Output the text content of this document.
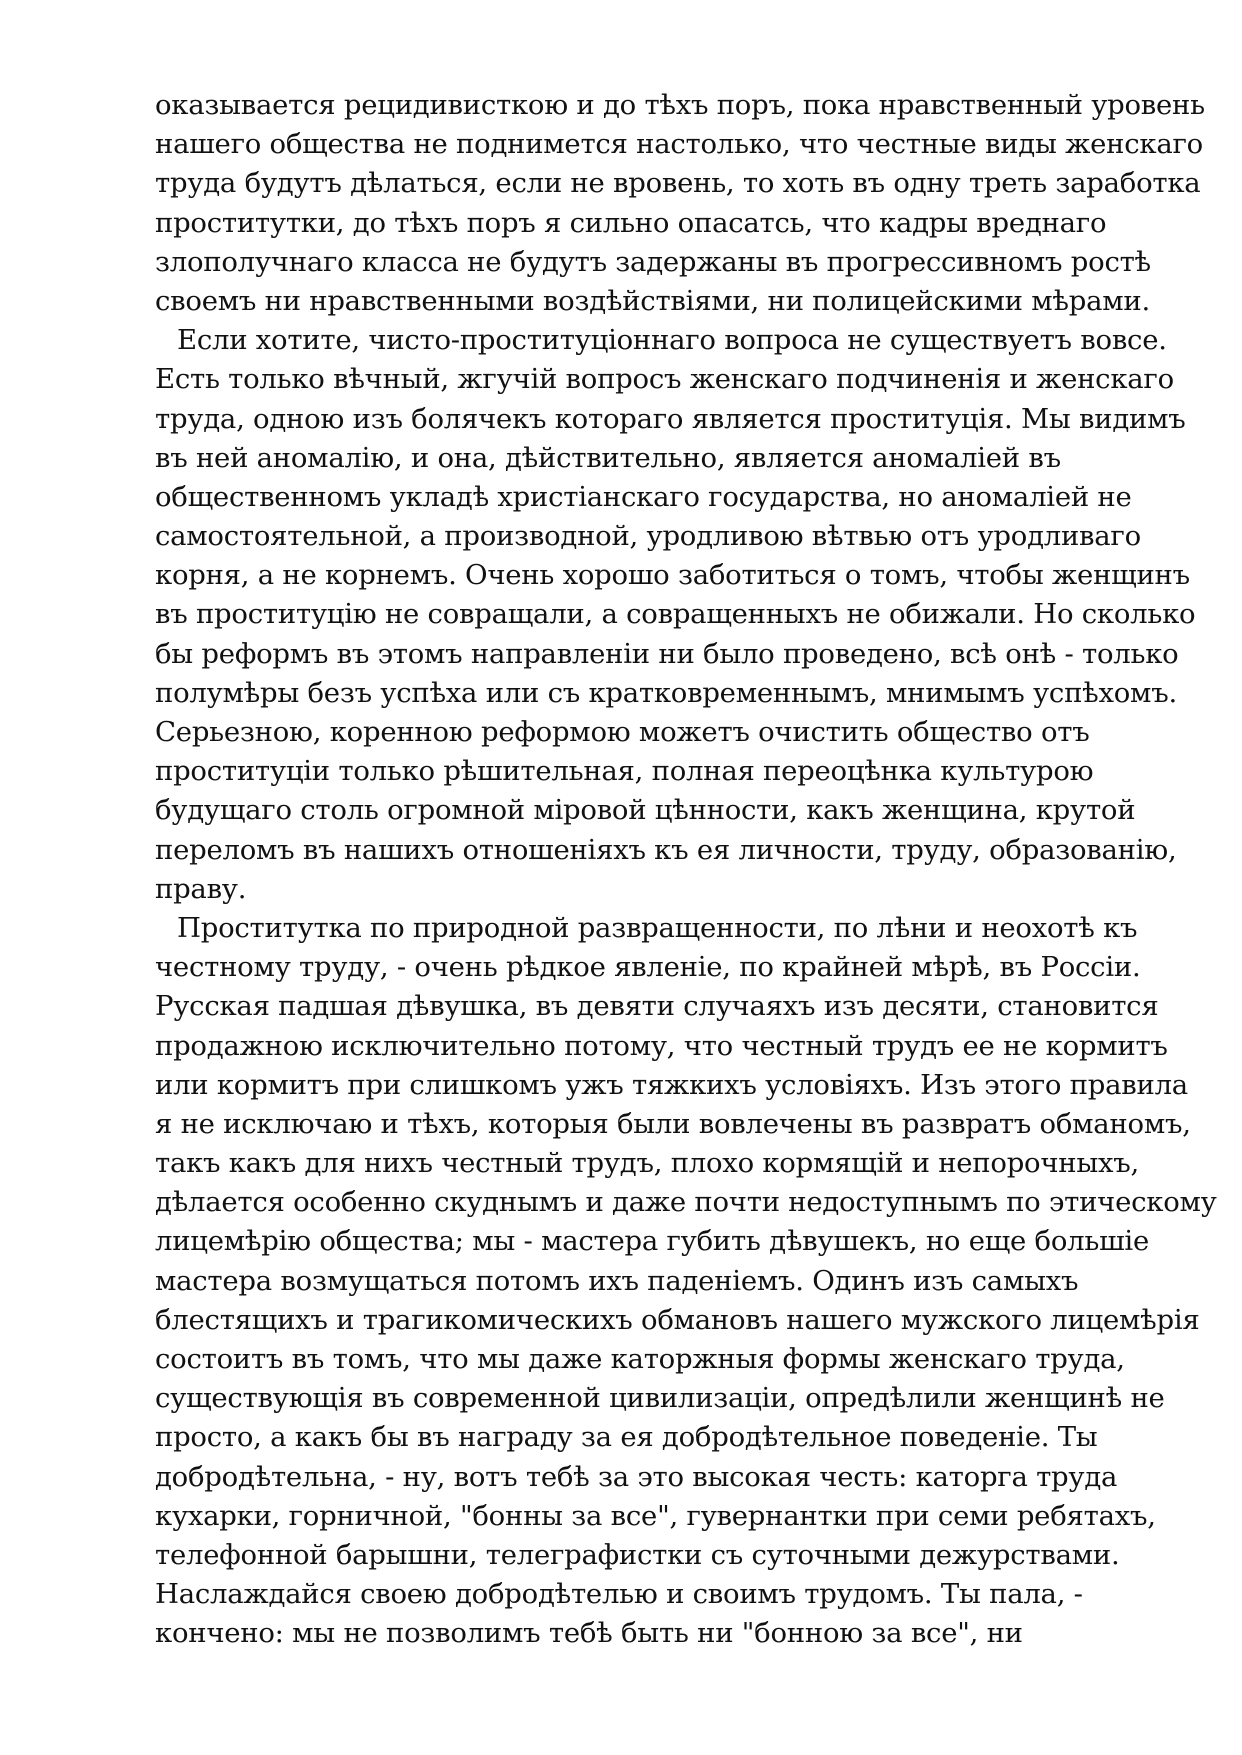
оказывается рецидивисткою и до тѣхъ поръ, пока нравственный уровень
нашего общества не поднимется настолько, что честные виды женскаго
труда будутъ дѣлаться, если не вровень, то хоть въ одну треть заработка
проститутки, до тѣхъ поръ я сильно опасатсь, что кадры вреднаго
злополучнаго класса не будутъ задержаны въ прогрессивномъ ростѣ
своемъ ни нравственными воздѣйствіями, ни полицейскими мѣрами.
Если хотите, чисто-проституціоннаго вопроса не существуетъ вовсе.
Есть только вѣчный, жгучій вопросъ женскаго подчиненія и женскаго
труда, одною изъ болячекъ котораго является проституція. Мы видимъ
въ ней аномалію, и она, дѣйствительно, является аномаліей въ
общественномъ укладѣ христіанскаго государства, но аномаліей не
самостоятельной, а производной, уродливою вѣтвью отъ уродливаго
корня, а не корнемъ. Очень хорошо заботиться о томъ, чтобы женщинъ
въ проституцію не совращали, а совращенныхъ не обижали. Но сколько
бы реформъ въ этомъ направленіи ни было проведено, всѣ онѣ - только
полумѣры безъ успѣха или съ кратковременнымъ, мнимымъ успѣхомъ.
Серьезною, коренною реформою можетъ очистить общество отъ
проституціи только рѣшительная, полная переоцѣнка культурою
будущаго столь огромной міровой цѣнности, какъ женщина, крутой
переломъ въ нашихъ отношеніяхъ къ ея личности, труду, образованію,
праву.
Проститутка по природной развращенности, по лѣни и неохотѣ къ
честному труду, - очень рѣдкое явленіе, по крайней мѣрѣ, въ Россіи.
Русская падшая дѣвушка, въ девяти случаяхъ изъ десяти, становится
продажною исключительно потому, что честный трудъ ее не кормитъ
или кормитъ при слишкомъ ужъ тяжкихъ условіяхъ. Изъ этого правила
я не исключаю и тѣхъ, которыя были вовлечены въ развратъ обманомъ,
такъ какъ для нихъ честный трудъ, плохо кормящій и непорочныхъ,
дѣлается особенно скуднымъ и даже почти недоступнымъ по этическому
лицемѣрію общества; мы - мастера губить дѣвушекъ, но еще большіе
мастера возмущаться потомъ ихъ паденіемъ. Одинъ изъ самыхъ
блестящихъ и трагикомическихъ обмановъ нашего мужского лицемѣрія
состоитъ въ томъ, что мы даже каторжныя формы женскаго труда,
существующія въ современной цивилизаціи, опредѣлили женщинѣ не
просто, а какъ бы въ награду за ея добродѣтельное поведеніе. Ты
добродѣтельна, - ну, вотъ тебѣ за это высокая честь: каторга труда
кухарки, горничной, "бонны за все", гувернантки при семи ребятахъ,
телефонной барышни, телеграфистки съ суточными дежурствами.
Наслаждайся своею добродѣтелью и своимъ трудомъ. Ты пала, -
кончено: мы не позволимъ тебѣ быть ни "бонною за все", ни
